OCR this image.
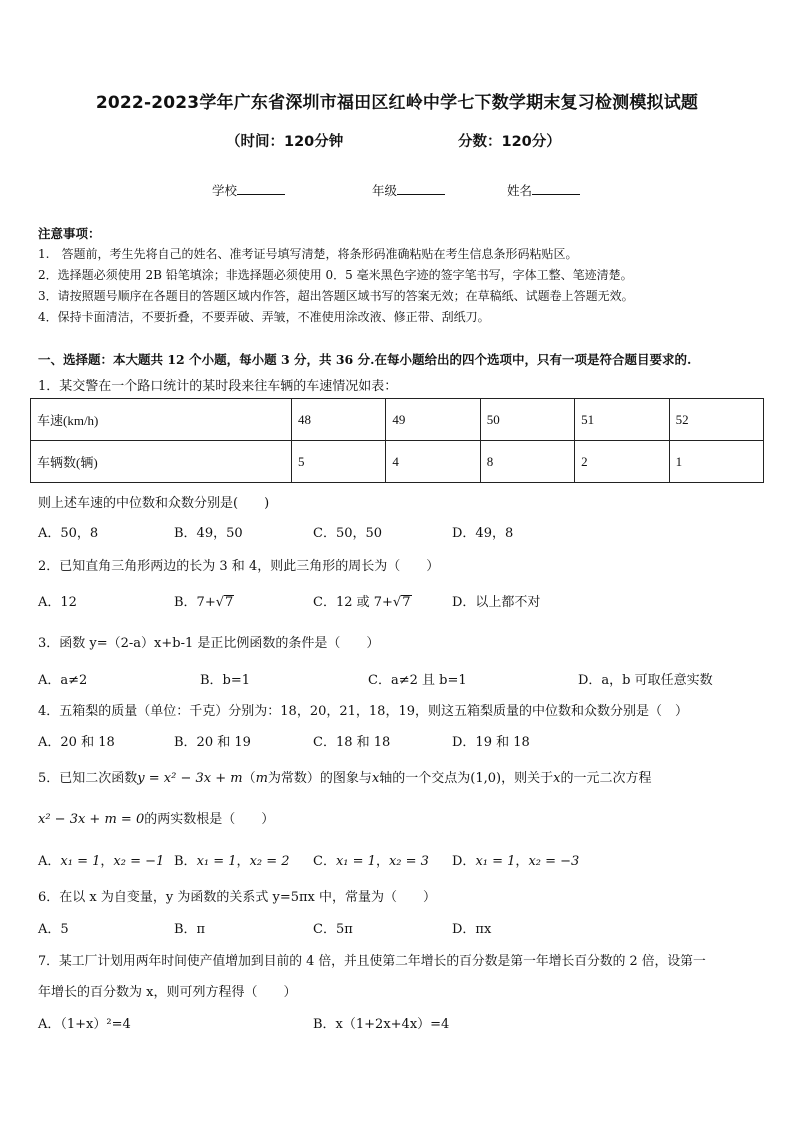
2022-2023学年广东省深圳市福田区红岭中学七下数学期末复习检测模拟试题
（时间：120分钟	分数：120分）
学校	年级	姓名
注意事项：
1.　答题前，考生先将自己的姓名、准考证号填写清楚，将条形码准确粘贴在考生信息条形码粘贴区。
2．选择题必须使用 2B 铅笔填涂；非选择题必须使用 0．5 毫米黑色字迹的签字笔书写，字体工整、笔迹清楚。
3．请按照题号顺序在各题目的答题区域内作答，超出答题区域书写的答案无效；在草稿纸、试题卷上答题无效。
4．保持卡面清洁，不要折叠，不要弄破、弄皱，不准使用涂改液、修正带、刮纸刀。
一、选择题：本大题共 12 个小题，每小题 3 分，共 36 分.在每小题给出的四个选项中，只有一项是符合题目要求的.
1．某交警在一个路口统计的某时段来往车辆的车速情况如表：
车速(km/h)	48	49	50	51	52
车辆数(辆)	5	4	8	2	1
则上述车速的中位数和众数分别是(　　)
A．50，8	B．49，50	C．50，50	D．49，8
2．已知直角三角形两边的长为 3 和 4，则此三角形的周长为（　　）
A．12	B．7+√7	C．12 或 7+√7	D．以上都不对
3．函数 y=（2-a）x+b-1 是正比例函数的条件是（　　）
A．a≠2	B．b=1	C．a≠2 且 b=1	D．a，b 可取任意实数
4．五箱梨的质量（单位：千克）分别为：18，20，21，18，19，则这五箱梨质量的中位数和众数分别是（　）
A．20 和 18	B．20 和 19	C．18 和 18	D．19 和 18
5．已知二次函数y = x² − 3x + m（m为常数）的图象与x轴的一个交点为(1,0)，则关于x的一元二次方程
x² − 3x + m = 0的两实数根是（　　）
A．x₁ = 1，x₂ = −1 B．x₁ = 1，x₂ = 2 C．x₁ = 1，x₂ = 3 D．x₁ = 1，x₂ = −3
6．在以 x 为自变量，y 为函数的关系式 y=5πx 中，常量为（　　）
A．5	B．π	C．5π	D．πx
7．某工厂计划用两年时间使产值增加到目前的 4 倍，并且使第二年增长的百分数是第一年增长百分数的 2 倍，设第一
年增长的百分数为 x，则可列方程得（　　）
A．（1+x）²=4	B．x（1+2x+4x）=4
